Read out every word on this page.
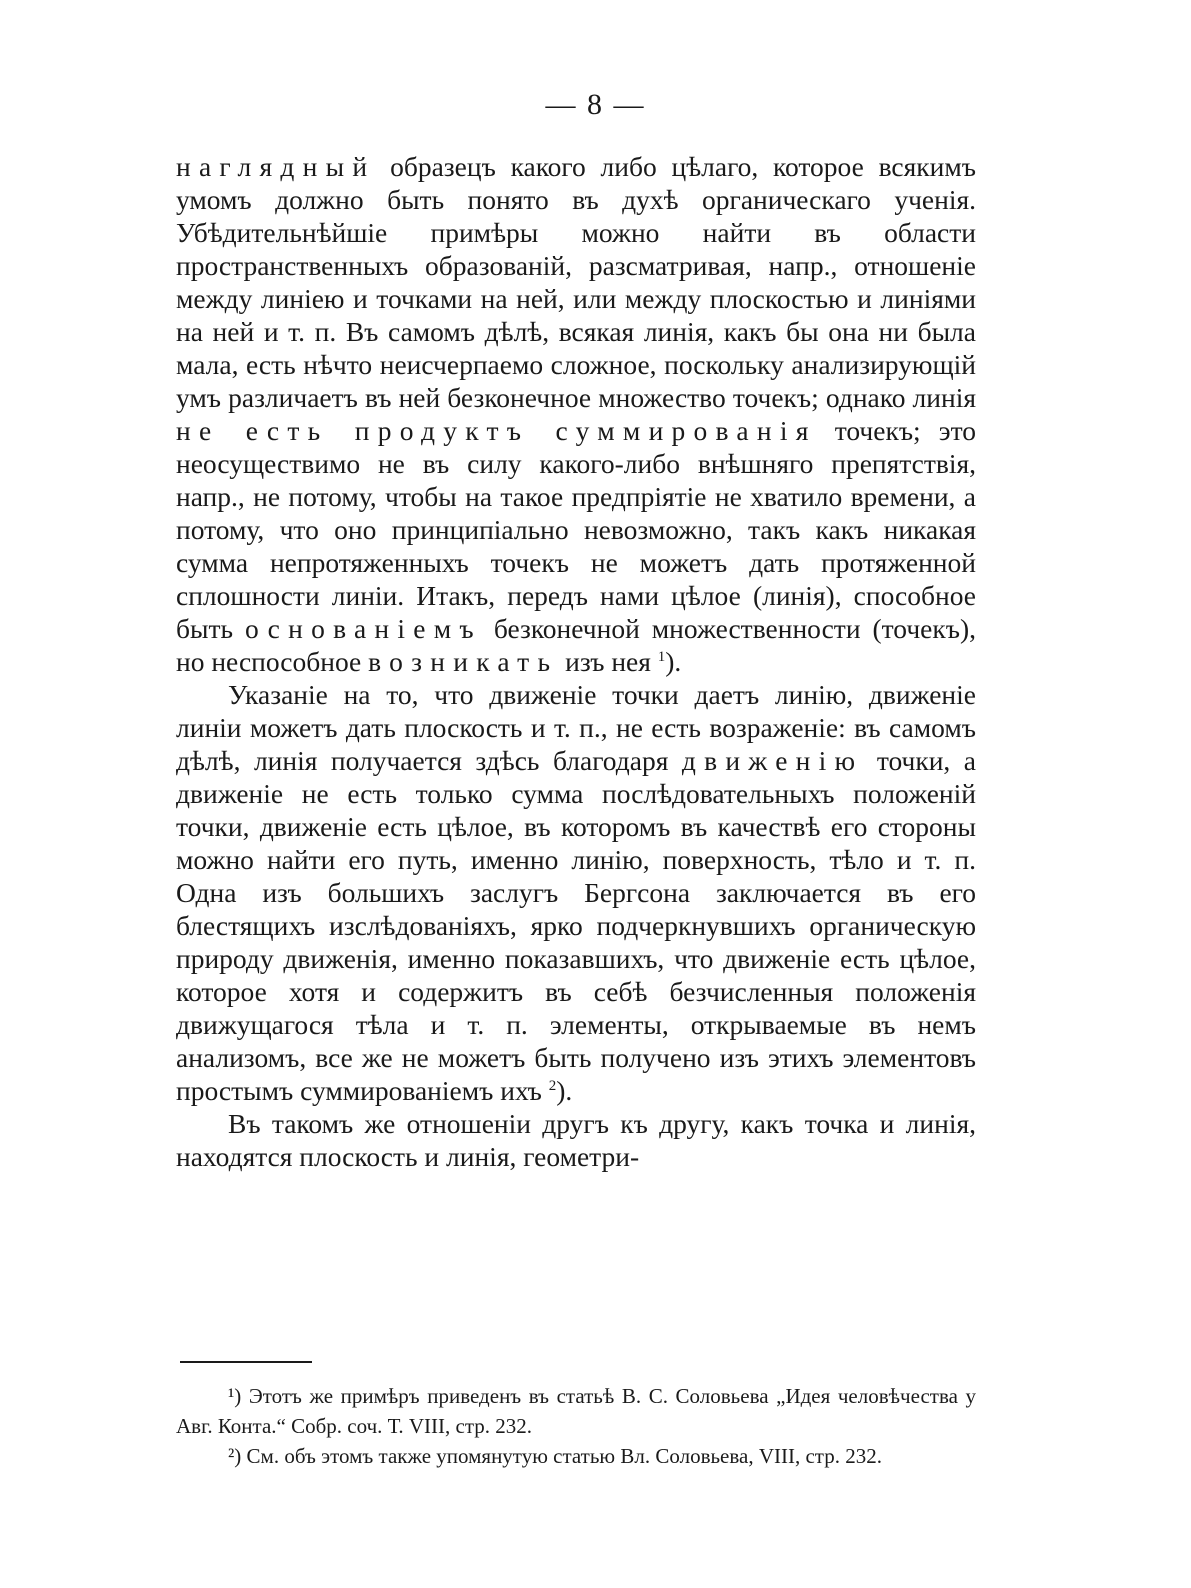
— 8 —

наглядный образецъ какого либо цѣлаго, которое всякимъ умомъ должно быть понято въ духѣ органическаго ученія. Убѣдительнѣйшіе примѣры можно найти въ области пространственныхъ образованій, разсматривая, напр., отношеніе между линіею и точками на ней, или между плоскостью и линіями на ней и т. п. Въ самомъ дѣлѣ, всякая линія, какъ бы она ни была мала, есть нѣчто неисчерпаемо сложное, поскольку анализирующій умъ различаетъ въ ней безконечное множество точекъ; однако линія не есть продуктъ суммированія точекъ; это неосуществимо не въ силу какого-либо внѣшняго препятствія, напр., не потому, чтобы на такое предпріятіе не хватило времени, а потому, что оно принципіально невозможно, такъ какъ никакая сумма непротяженныхъ точекъ не можетъ дать протяженной сплошности линіи. Итакъ, передъ нами цѣлое (линія), способное быть основаніемъ безконечной множественности (точекъ), но неспособное возникать изъ нея $^1$).

Указаніе на то, что движеніе точки даетъ линію, движеніе линіи можетъ дать плоскость и т. п., не есть возраженіе: въ самомъ дѣлѣ, линія получается здѣсь благодаря движенію точки, а движеніе не есть только сумма послѣдовательныхъ положеній точки, движеніе есть цѣлое, въ которомъ въ качествѣ его стороны можно найти его путь, именно линію, поверхность, тѣло и т. п. Одна изъ большихъ заслугъ Бергсона заключается въ его блестящихъ изслѣдованіяхъ, ярко подчеркнувшихъ органическую природу движенія, именно показавшихъ, что движеніе есть цѣлое, которое хотя и содержитъ въ себѣ безчисленныя положенія движущагося тѣла и т. п. элементы, открываемые въ немъ анализомъ, все же не можетъ быть получено изъ этихъ элементовъ простымъ суммированіемъ ихъ $^2$).

Въ такомъ же отношеніи другъ къ другу, какъ точка и линія, находятся плоскость и линія, геометри-

¹) Этотъ же примѣръ приведенъ въ статьѣ В. С. Соловьева „Идея человѣчества у Авг. Конта.“ Собр. соч. Т. VIII, стр. 232.

²) См. объ этомъ также упомянутую статью Вл. Соловьева, VIII, стр. 232.
